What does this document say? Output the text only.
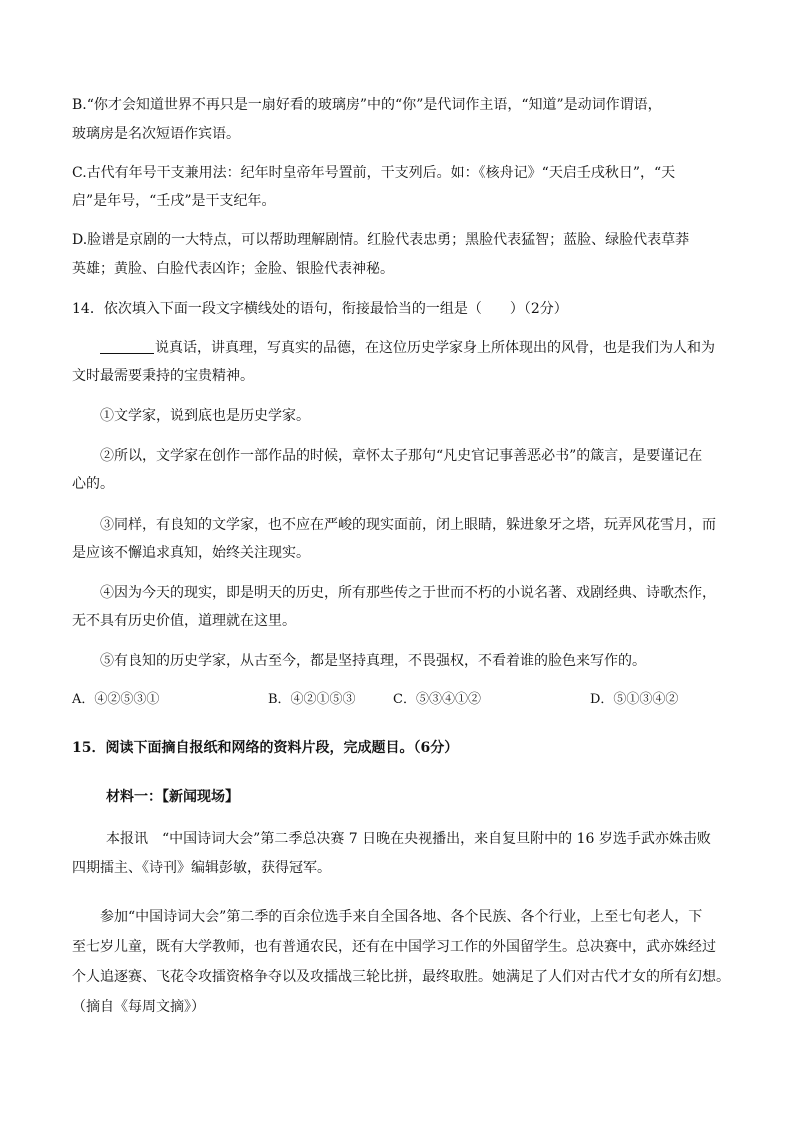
B.“你才会知道世界不再只是一扇好看的玻璃房”中的“你”是代词作主语，“知道”是动词作谓语，
玻璃房是名次短语作宾语。
C.古代有年号干支兼用法：纪年时皇帝年号置前，干支列后。如：《核舟记》“天启壬戌秋日”，“天
启”是年号，“壬戌”是干支纪年。
D.脸谱是京剧的一大特点，可以帮助理解剧情。红脸代表忠勇；黑脸代表猛智；蓝脸、绿脸代表草莽
英雄；黄脸、白脸代表凶诈；金脸、银脸代表神秘。
14．依次填入下面一段文字横线处的语句，衔接最恰当的一组是（　　）（2分）
说真话，讲真理，写真实的品德，在这位历史学家身上所体现出的风骨，也是我们为人和为
文时最需要秉持的宝贵精神。
①文学家，说到底也是历史学家。
②所以，文学家在创作一部作品的时候，章怀太子那句“凡史官记事善恶必书”的箴言，是要谨记在
心的。
③同样，有良知的文学家，也不应在严峻的现实面前，闭上眼睛，躲进象牙之塔，玩弄风花雪月，而
是应该不懈追求真知，始终关注现实。
④因为今天的现实，即是明天的历史，所有那些传之于世而不朽的小说名著、戏剧经典、诗歌杰作，
无不具有历史价值，道理就在这里。
⑤有良知的历史学家，从古至今，都是坚持真理，不畏强权，不看着谁的脸色来写作的。
A．④②⑤③①	B．④②①⑤③	C．⑤③④①②	D．⑤①③④②
15．阅读下面摘自报纸和网络的资料片段，完成题目。（6分）
材料一：【新闻现场】
本报讯　“中国诗词大会”第二季总决赛 7 日晚在央视播出，来自复旦附中的 16 岁选手武亦姝击败
四期擂主、《诗刊》编辑彭敏，获得冠军。
参加“中国诗词大会”第二季的百余位选手来自全国各地、各个民族、各个行业，上至七旬老人，下
至七岁儿童，既有大学教师，也有普通农民，还有在中国学习工作的外国留学生。总决赛中，武亦姝经过
个人追逐赛、飞花令攻擂资格争夺以及攻擂战三轮比拼，最终取胜。她满足了人们对古代才女的所有幻想。
（摘自《每周文摘》）
